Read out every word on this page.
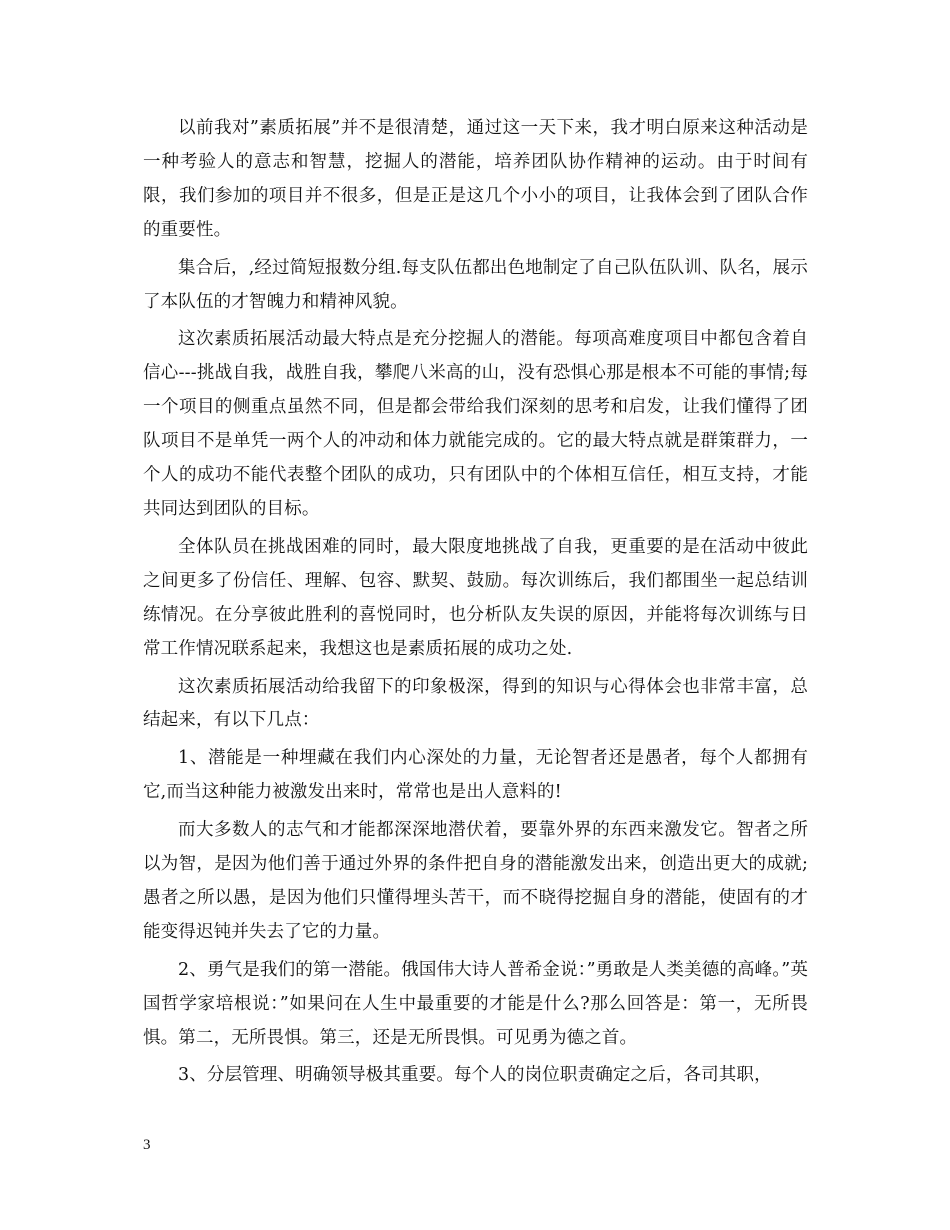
以前我对”素质拓展”并不是很清楚，通过这一天下来，我才明白原来这种活动是一种考验人的意志和智慧，挖掘人的潜能，培养团队协作精神的运动。由于时间有限，我们参加的项目并不很多，但是正是这几个小小的项目，让我体会到了团队合作的重要性。

集合后，,经过简短报数分组.每支队伍都出色地制定了自己队伍队训、队名，展示了本队伍的才智魄力和精神风貌。

这次素质拓展活动最大特点是充分挖掘人的潜能。每项高难度项目中都包含着自信心---挑战自我，战胜自我，攀爬八米高的山，没有恐惧心那是根本不可能的事情;每一个项目的侧重点虽然不同，但是都会带给我们深刻的思考和启发，让我们懂得了团队项目不是单凭一两个人的冲动和体力就能完成的。它的最大特点就是群策群力，一个人的成功不能代表整个团队的成功，只有团队中的个体相互信任，相互支持，才能共同达到团队的目标。

全体队员在挑战困难的同时，最大限度地挑战了自我，更重要的是在活动中彼此之间更多了份信任、理解、包容、默契、鼓励。每次训练后，我们都围坐一起总结训练情况。在分享彼此胜利的喜悦同时，也分析队友失误的原因，并能将每次训练与日常工作情况联系起来，我想这也是素质拓展的成功之处.

这次素质拓展活动给我留下的印象极深，得到的知识与心得体会也非常丰富，总结起来，有以下几点：

1、潜能是一种埋藏在我们内心深处的力量，无论智者还是愚者，每个人都拥有它,而当这种能力被激发出来时，常常也是出人意料的!

而大多数人的志气和才能都深深地潜伏着，要靠外界的东西来激发它。智者之所以为智，是因为他们善于通过外界的条件把自身的潜能激发出来，创造出更大的成就;愚者之所以愚，是因为他们只懂得埋头苦干，而不晓得挖掘自身的潜能，使固有的才能变得迟钝并失去了它的力量。

2、勇气是我们的第一潜能。俄国伟大诗人普希金说：”勇敢是人类美德的高峰。”英国哲学家培根说：”如果问在人生中最重要的才能是什么?那么回答是：第一，无所畏惧。第二，无所畏惧。第三，还是无所畏惧。可见勇为德之首。

3、分层管理、明确领导极其重要。每个人的岗位职责确定之后，各司其职，

3
